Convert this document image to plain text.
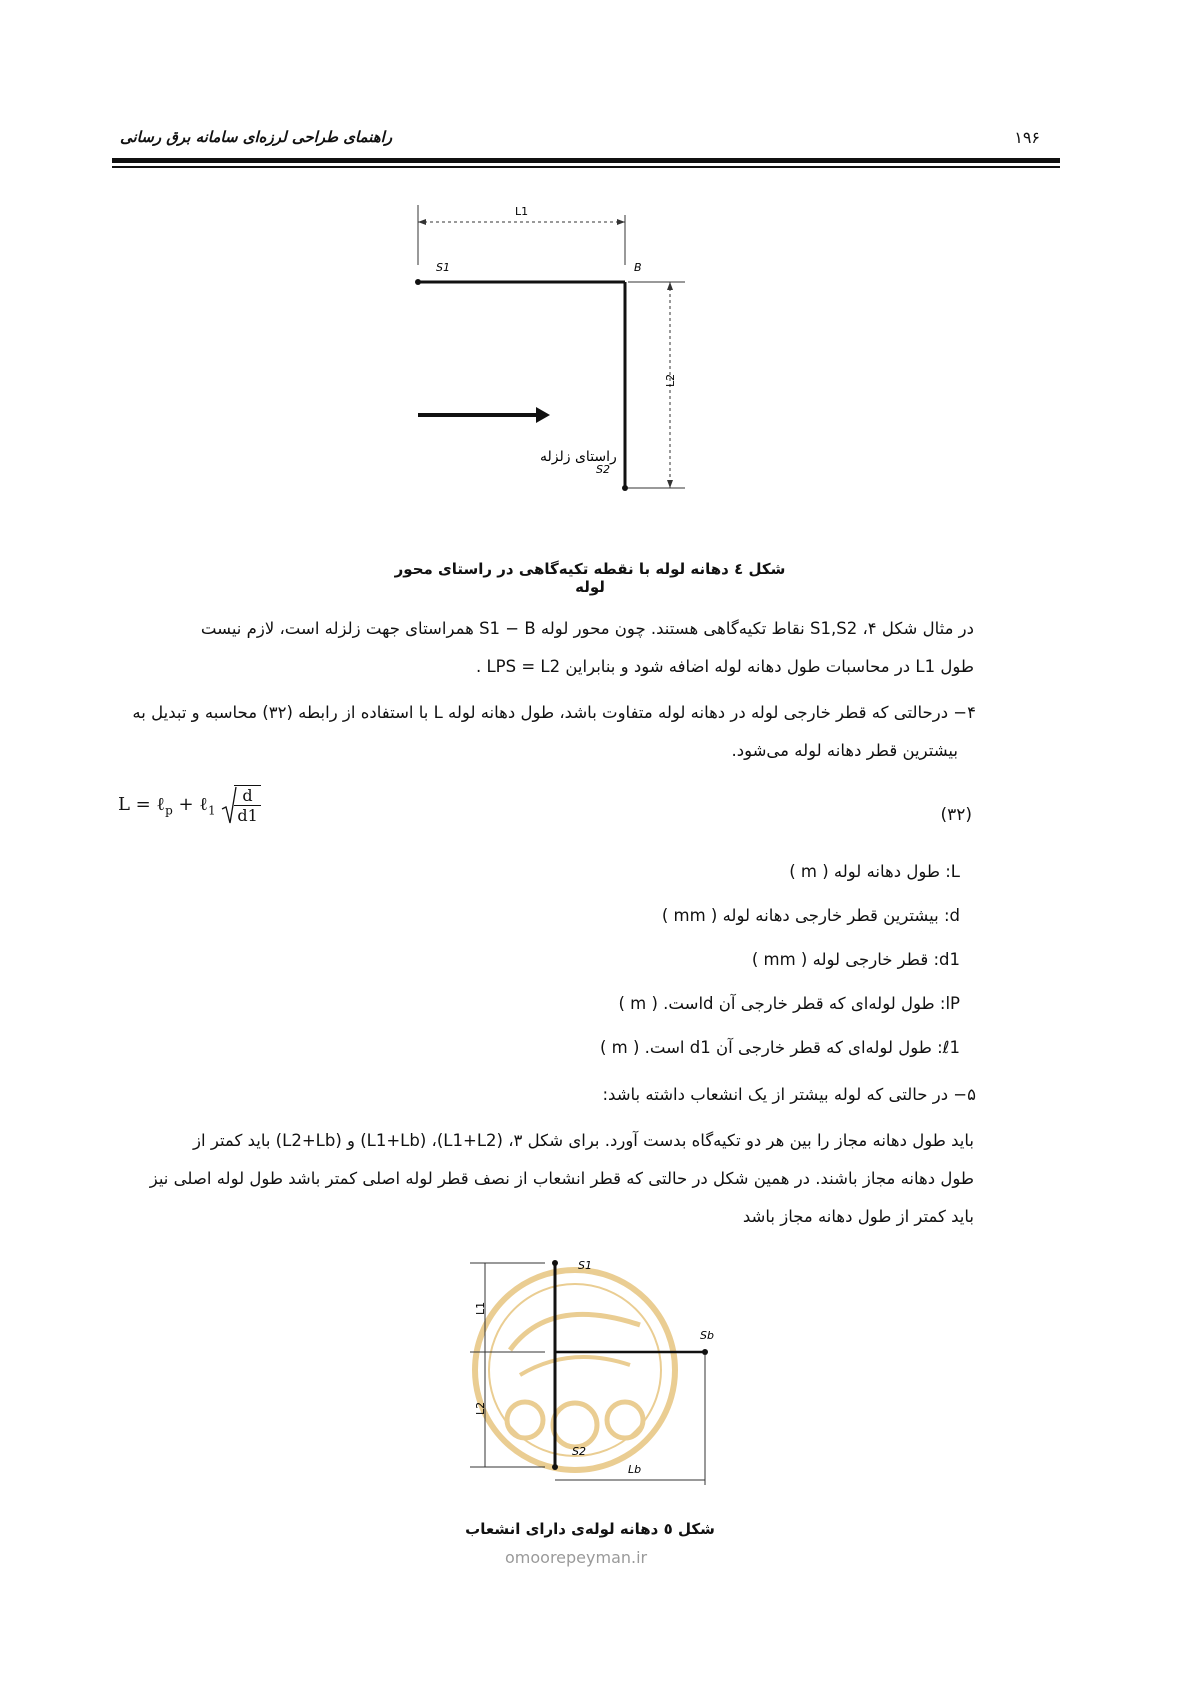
راهنمای طراحی لرزه‌ای سامانه برق رسانی	۱۹۶
L1
S1	B
S2
L2
راستای زلزله
شکل ٤ دهانه لوله با نقطه تکیه‌گاهی در راستای محور لوله
در مثال شکل ۴، S1,S2 نقاط تکیه‌گاهی هستند. چون محور لوله S1 − B همراستای جهت زلزله است، لازم نیست
طول L1 در محاسبات طول دهانه لوله اضافه شود و بنابراین LPS = L2 .
۴− درحالتی که قطر خارجی لوله در دهانه لوله متفاوت باشد، طول دهانه لوله L با استفاده از رابطه (۳۲) محاسبه و تبدیل به
بیشترین قطر دهانه لوله می‌شود.
L = ℓ$_p$ + ℓ$_1$ $\frac{d}{d1}$	(۳۲)
L: طول دهانه لوله ( m )
d: بیشترین قطر خارجی دهانه لوله ( mm )
d1: قطر خارجی لوله ( mm )
lP: طول لوله‌ای که قطر خارجی آن dاست. ( m )
ℓ1: طول لوله‌ای که قطر خارجی آن d1 است. ( m )
۵− در حالتی که لوله بیشتر از یک انشعاب داشته باشد:
باید طول دهانه مجاز را بین هر دو تکیه‌گاه بدست آورد. برای شکل ۳، (L1+L2)، (L1+Lb) و (L2+Lb) باید کمتر از
طول دهانه مجاز باشند. در همین شکل در حالتی که قطر انشعاب از نصف قطر لوله اصلی کمتر باشد طول لوله اصلی نیز
باید کمتر از طول دهانه مجاز باشد
S1
Sb
S2
L1
L2
Lb
شکل ٥ دهانه لوله‌ی دارای انشعاب
omoorepeyman.ir
